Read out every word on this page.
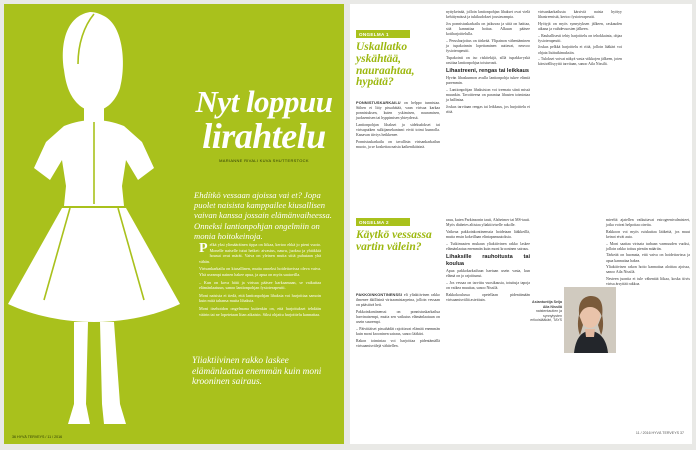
Nyt loppuu
lirahtelu
MARIANNE RIVALI KUVA SHUTTERSTOCK
Ehdítkö vessaan ajoissa vai et? Jopa puolet naisista kamppailee kiusallisen vaivan kanssa jossain elämänvaiheessa. Onneksi lantionpohjan ongelmiin on monia hoitokeinoja.
P elkä yksi ylimääräinen tippa on liikaa, kertoo ehkä jo pieni vuoto. Monelle naiselle tutut hetket: aivastus, nauru, juoksu ja yhtäkkiä housut ovat märät. Vaiva on yleinen mutta siitä puhutaan yhä vähän.

Virtsankarkailu on kiusallinen, mutta onneksi hoidettavissa oleva vaiva. Yhä useampi nainen hakee apua, ja apua on myös saatavilla.

– Kun on kova hätä ja virtsaa pääsee karkaamaan, se vaikuttaa elämänlaatuun, sanoo lantionpohjan fysioterapeutti.

Moni naisista ei tiedä, että lantionpohjan lihaksia voi harjoittaa samoin kuin mitä tahansa muita lihaksia.

Moni itsehoidon ongelmana kuitenkin on, että harjoitukset tehdään väärin tai ne lopetetaan liian aikaisin. Siksi ohjattu harjoittelu kannattaa.

Yliaktiivinen rakko laskee elämänlaatua enemmän kuin moni krooninen sairaus.
36 HYVÄ TERVEYS / 11 / 2016
ONGELMA 1
Uskallatko yskähtää, nauraahtaa, hypätä?

PONNISTUSKARKAILU on helppo tunnistaa. Siihen ei liity pissahätää, vaan virtsaa karkaa ponnistuksen, kuten yskimisen, nauramisen, juoksemisen tai hyppimisen yhteydessä.

Lantionpohjan lihakset ja sidekudokset tai virtsaputken sulkijamekanismi eivät toimi kunnolla. Kanavan tiiviys heikkenee.

Ponnistuskarkailu on tavallisin virtsankarkailun muoto, ja se koskettaa naisia kaikenikäisinä.

nyttykeinää, jolloin lantionpohjan lihakset ovat vielä kehittymässä ja tukikudokset joustavampia.

Jos ponnistuskarkailu on jatkuvaa ja siitä on haittaa, sitä kannattaa hoitaa. Alkuun pääsee kotiharjoittelulla.

– Perusharjoitus on tärkeää. Ylipainon vähentäminen ja tupakoinnin lopettaminen auttavat, neuvoo fysioterapeutti.

Tupakointi on iso riskitekijä, sillä tupakka-yskä rasittaa lantionpohjaa toistuvasti.

Lihastreeni, rengas tai leikkaus

Hyvän lihaskunnon avulla lantionpohja tukee elimiä paremmin.

– Lantionpohjan lihaksiston voi treenata siinä missä muunkin. Tavoitteena on parantaa lihasten toimintaa ja hallintaa.

Joskus tarvitaan rengas tai leikkaus, jos harjoittelu ei riitä.

virtsankarkailusta kärsiviä naisia hyötyy lihastreenistä, kertoo fysioterapeutti.

Hyötyjä on myös synnytyksen jälkeen, raskauden aikana ja vaihdevuosien jälkeen.

– Rauhallisesti tehty harjoittelu on tehokkainta, ohjaa fysioterapeutti.

Joskus pelkkä harjoittelu ei riitä, jolloin lääkäri voi ohjata lisätutkimuksiin.

– Tulokset voivat näkyä vasta viikkojen jälkeen, joten kärsivällisyyttä tarvitaan, sanoo Aila Nissilä.

ONGELMA 2
Käytkö vessassa vartin välein?

PAKKOINKONTINENSSI eli yliaktiivinen rakko ilmenee äkillisinä virtsaamistarpeina, jolloin vessaan on päästävä heti.

Pakkoinkontinenssi on ponnistuskarkailua harvinaisempi, mutta sen vaikutus elämänlaatuun on usein suurempi.

– Päivittäiset pissahädät rajoittavat elämää enemmän kuin moni krooninen sairaus, sanoo lääkäri.

Rakon toimintaa voi harjoittaa pidentämällä virtsaamisvälejä vähitellen.

rauu, kuten Parkinsonin tauti, Alzheimer tai MS-tauti. Myös diabetes altistaa yliaktiiviselle rakolle.

Vaikeaa pakkoinkontinenssia hoidetaan lääkkeillä, mutta ensin kokeillaan elintapamuutoksia.

– Tutkimusten mukaan yliaktiivinen rakko laskee elämänlaatua enemmän kuin moni krooninen sairaus.

Lihaksille rauhoitusta tai koulua

Apua pakkokarkailuun haetaan usein vasta, kun elämä on jo rajoittunut.

– Jos vessaa on tarvittu vuosikausia, totuttuja tapoja on vaikea muuttaa, sanoo Nissilä.

Rakkokoulussa opetellaan pidentämään virtsaamisväliä asteittain.

Asiantuntija Seija Aila Nissilä
naistentautien ja synnytysten erikoislääkäri, TAYS

mieeltä ajatellen vaikuttavat estrogeenivalmisteet, jotka voivat helpottaa oireita.

Rakkoon voi myös ruiskuttaa lääkettä, jos muut keinot eivät auta.

– Moni saattaa virtsata turhaan varmuuden vuoksi, jolloin rakko tottuu pieniin määriin.

Tärkeää on huomata, että vaiva on hoidettavissa ja apua kannattaa hakea.

Yliaktiivisen rakon hoito kannattaa aloittaa ajoissa, sanoo Aila Nissilä.

Nesteen juontia ei tule vähentää liikaa, koska tiivis virtsa ärsyttää rakkoa.

11 / 2016 HYVÄ TERVEYS 37
